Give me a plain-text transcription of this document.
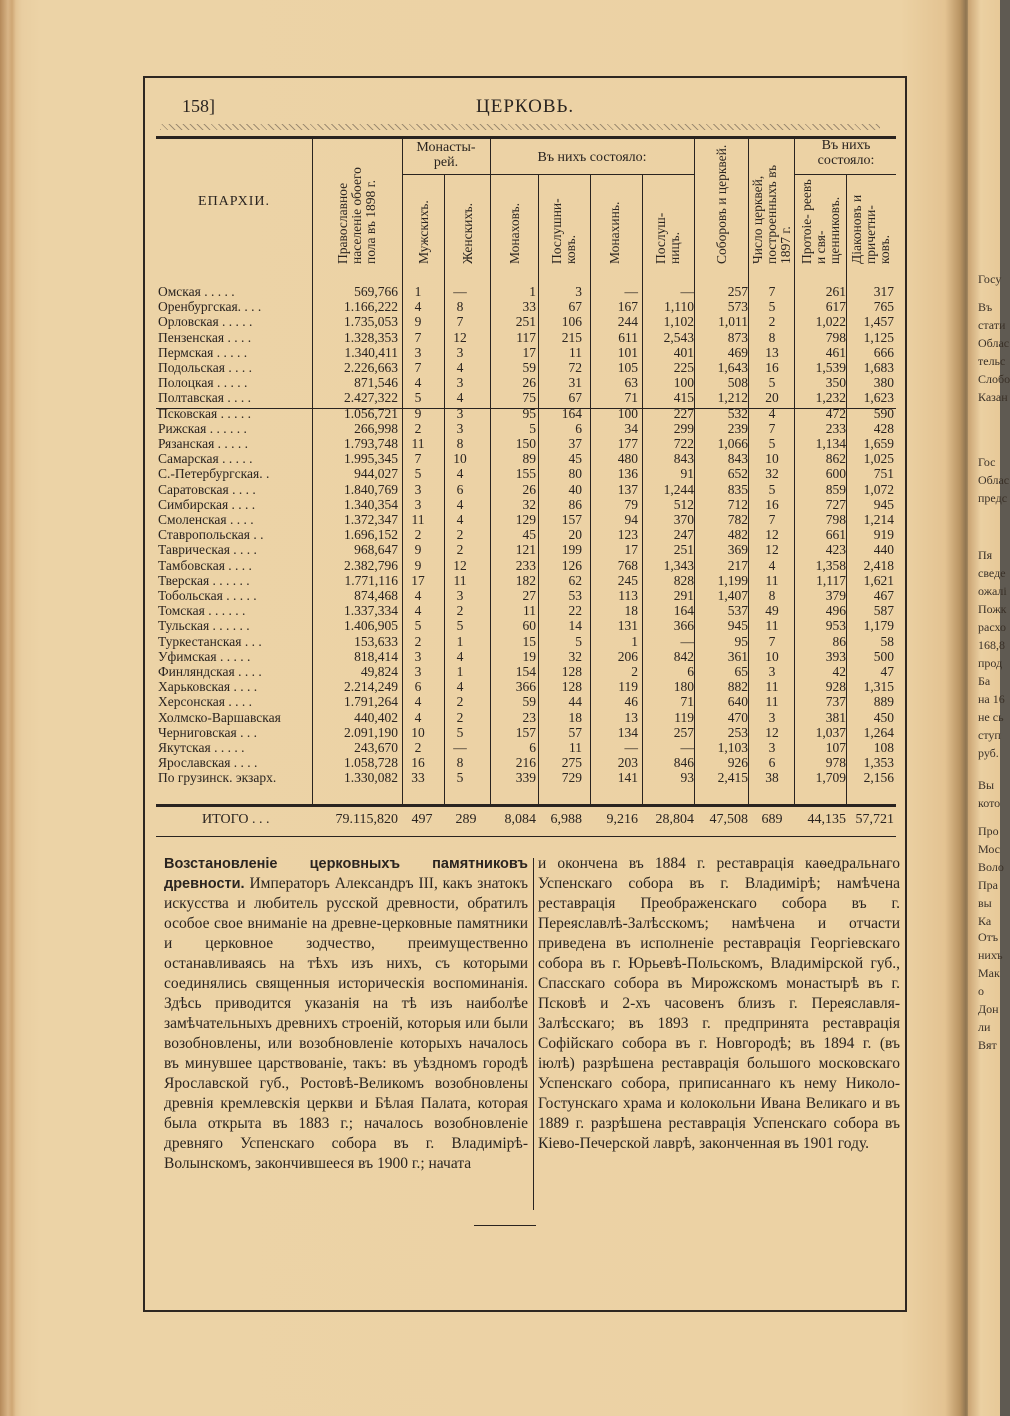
158]	ЦЕРКОВЬ.
ЕПАРХІИ.	Православное населеніе обоего пола въ 1898 г.
Монасты- рей.
Мужскихъ.	Женскихъ.
Въ нихъ состояло:
Монаховъ.	Послушни- ковъ.	Монахинь.	Послуш- ницъ.	Соборовъ и церквей.	Число церквей, построенныхъ въ 1897 г.
Въ нихъ состояло:
Протоіе- реевъ и свя- щенниковъ. Діаконовъ и причетни- ковъ.
Омская . . . . .	569,766	1	—	1	3	—	—	257	7	261	317
Оренбургская. . . .	1.166,222	4	8	33	67	167	1,110	573	5	617	765
Орловская . . . . .	1.735,053	9	7	251	106	244	1,102	1,011	2	1,022	1,457
Пензенская . . . .	1.328,353	7	12	117	215	611	2,543	873	8	798	1,125
Пермская . . . . .	1.340,411	3	3	17	11	101	401	469	13	461	666
Подольская . . . .	2.226,663	7	4	59	72	105	225	1,643	16	1,539	1,683
Полоцкая . . . . .	871,546	4	3	26	31	63	100	508	5	350	380
Полтавская . . . .	2.427,322	5	4	75	67	71	415	1,212	20	1,232	1,623
Псковская . . . . .	1.056,721	9	3	95	164	100	227	532	4	472	590
Рижская . . . . . .	266,998	2	3	5	6	34	299	239	7	233	428
Рязанская . . . . .	1.793,748	11	8	150	37	177	722	1,066	5	1,134	1,659
Самарская . . . . .	1.995,345	7	10	89	45	480	843	843	10	862	1,025
С.-Петербургская. .	944,027	5	4	155	80	136	91	652	32	600	751
Саратовская . . . .	1.840,769	3	6	26	40	137	1,244	835	5	859	1,072
Симбирская . . . .	1.340,354	3	4	32	86	79	512	712	16	727	945
Смоленская . . . .	1.372,347	11	4	129	157	94	370	782	7	798	1,214
Ставропольская . .	1.696,152	2	2	45	20	123	247	482	12	661	919
Таврическая . . . .	968,647	9	2	121	199	17	251	369	12	423	440
Тамбовская . . . .	2.382,796	9	12	233	126	768	1,343	217	4	1,358	2,418
Тверская . . . . . .	1.771,116 17	11	182	62	245	828	1,199	11	1,117	1,621
Тобольская . . . . .	874,468	4	3	27	53	113	291	1,407	8	379	467
Томская . . . . . .	1.337,334	4	2	11	22	18	164	537	49	496	587
Тульская . . . . . .	1.406,905	5	5	60	14	131	366	945	11	953	1,179
Туркестанская . . .	153,633	2	1	15	5	1	—	95	7	86	58
Уфимская . . . . .	818,414	3	4	19	32	206	842	361	10	393	500
Финляндская . . . .	49,824	3	1	154	128	2	6	65	3	42	47
Харьковская . . . .	2.214,249	6	4	366	128	119	180	882	11	928	1,315
Херсонская . . . .	1.791,264	4	2	59	44	46	71	640	11	737	889
Холмско-Варшавская	440,402	4	2	23	18	13	119	470	3	381	450
Черниговская . . .	2.091,190 10	5	157	57	134	257	253	12	1,037	1,264
Якутская . . . . .	243,670	2	—	6	11	—	—	1,103	3	107	108
Ярославская . . . .	1.058,728 16	8	216	275	203	846	926	6	978	1,353
По грузинск. экзарх.	1.330,082 33	5	339	729	141	93	2,415	38	1,709	2,156
ИТОГО . . .	79.115,820 497 289	8,084	6,988	9,216	28,804	47,508 689	44,135 57,721
Возстановленіе церковныхъ памятниковъ древности. Императоръ Александръ III, какъ знатокъ искусства и любитель русской древности, обратилъ особое свое вниманіе на древне-церковные памятники и церковное зодчество, преимущественно останавливаясь на тѣхъ изъ нихъ, съ которыми соединялись священныя историческія воспоминанія. Здѣсь приводится указанія на тѣ изъ наиболѣе замѣчательныхъ древнихъ строеній, которыя или были возобновлены, или возобновленіе которыхъ началось въ минувшее царствованіе, такъ: въ уѣздномъ городѣ Ярославской губ., Ростовѣ-Великомъ возобновлены древнія кремлевскія церкви и Бѣлая Палата, которая была открыта въ 1883 г.; началось возобновленіе древняго Успенскаго собора въ г. Владимірѣ-Волынскомъ, закончившееся въ 1900 г.; начата
и окончена въ 1884 г. реставрація каѳедральнаго Успенскаго собора въ г. Владимірѣ; намѣчена реставрація Преображенскаго собора въ г. Переяславлѣ-Залѣсскомъ; намѣчена и отчасти приведена въ исполненіе реставрація Георгіевскаго собора въ г. Юрьевѣ-Польскомъ, Владимірской губ., Спасскаго собора въ Мирожскомъ монастырѣ въ г. Псковѣ и 2-хъ часовенъ близъ г. Переяславля-Залѣсскаго; въ 1893 г. предпринята реставрація Софійскаго собора въ г. Новгородѣ; въ 1894 г. (въ іюлѣ) разрѣшена реставрація большого московскаго Успенскаго собора, приписаннаго къ нему Николо-Гостунскаго храма и колокольни Ивана Великаго и въ 1889 г. разрѣшена реставрація Успенскаго собора въ Кіево-Печерской лаврѣ, законченная въ 1901 году.
Госу
Въ
стати
Облас
тельс
Слобо
Казан
Гос
Облас
предс
Пя
сведе
ожалі
Пожк
расхо
168,8
прод
Ба
на 16
не сь
ступ
руб.
Вы
кото
Про
Мос
Воло
Пра
вы
Ка
Отъ
нихъ
Мак
о
Дон
ли
Вят
